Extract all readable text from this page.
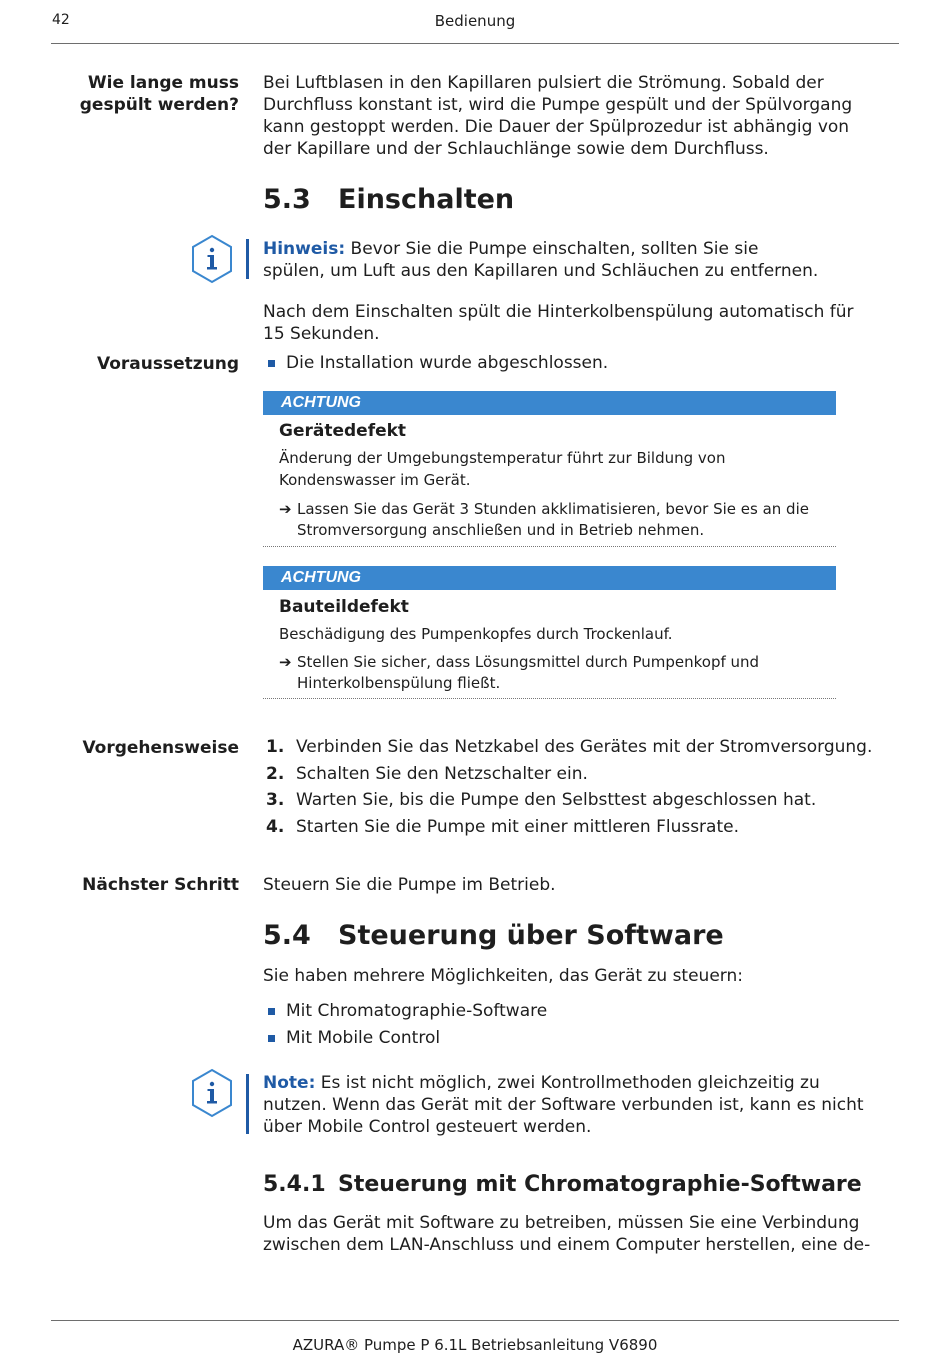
42	Bedienung
Wie lange muss gespült werden?
Bei Luftblasen in den Kapillaren pulsiert die Strömung. Sobald der Durchfluss konstant ist, wird die Pumpe gespült und der Spülvorgang kann gestoppt werden. Die Dauer der Spülprozedur ist abhängig von der Kapillare und der Schlauchlänge sowie dem Durchfluss.
5.3 Einschalten
Hinweis: Bevor Sie die Pumpe einschalten, sollten Sie sie spülen, um Luft aus den Kapillaren und Schläuchen zu entfernen.
Nach dem Einschalten spült die Hinterkolbenspülung automatisch für 15 Sekunden.
Voraussetzung	Die Installation wurde abgeschlossen.
ACHTUNG
Gerätedefekt
Änderung der Umgebungstemperatur führt zur Bildung von Kondenswasser im Gerät.
➔ Lassen Sie das Gerät 3 Stunden akklimatisieren, bevor Sie es an die Stromversorgung anschließen und in Betrieb nehmen.
ACHTUNG
Bauteildefekt
Beschädigung des Pumpenkopfes durch Trockenlauf.
➔ Stellen Sie sicher, dass Lösungsmittel durch Pumpenkopf und Hinterkolbenspülung fließt.
Vorgehensweise 1. Verbinden Sie das Netzkabel des Gerätes mit der Stromversorgung.
2. Schalten Sie den Netzschalter ein.
3. Warten Sie, bis die Pumpe den Selbsttest abgeschlossen hat.
4. Starten Sie die Pumpe mit einer mittleren Flussrate.
Nächster Schritt Steuern Sie die Pumpe im Betrieb.
5.4 Steuerung über Software
Sie haben mehrere Möglichkeiten, das Gerät zu steuern:
Mit Chromatographie-Software
Mit Mobile Control
Note: Es ist nicht möglich, zwei Kontrollmethoden gleichzeitig zu nutzen. Wenn das Gerät mit der Software verbunden ist, kann es nicht über Mobile Control gesteuert werden.
5.4.1 Steuerung mit Chromatographie-Software
Um das Gerät mit Software zu betreiben, müssen Sie eine Verbindung zwischen dem LAN-Anschluss und einem Computer herstellen, eine de-
AZURA® Pumpe P 6.1L Betriebsanleitung V6890
